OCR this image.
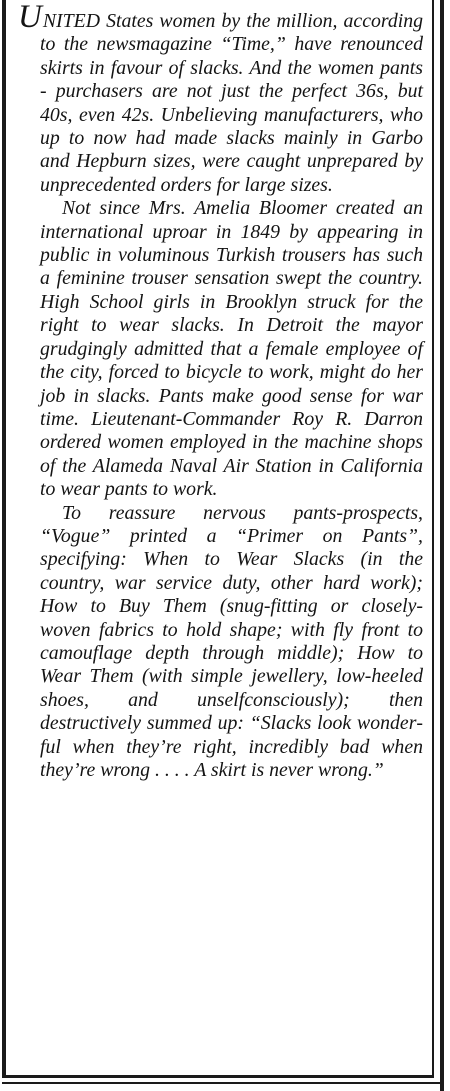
UNITED States women by the million, according to the newsmagazine “Time,” have renounced skirts in favour of slacks. And the women pants - purchasers are not just the perfect 36s, but 40s, even 42s. Unbelieving manufacturers, who up to now had made slacks mainly in Garbo and Hepburn sizes, were caught unprepared by unprecedented orders for large sizes.

Not since Mrs. Amelia Bloomer created an international uproar in 1849 by appearing in public in voluminous Turkish trousers has such a feminine trouser sensation swept the country. High School girls in Brooklyn struck for the right to wear slacks. In Detroit the mayor grudgingly admitted that a female employee of the city, forced to bicycle to work, might do her job in slacks. Pants make good sense for war time. Lieutenant-Commander Roy R. Darron ordered women employed in the machine shops of the Alameda Naval Air Station in California to wear pants to work.

To reassure nervous pants-prospects, “Vogue” printed a “Primer on Pants”, specifying: When to Wear Slacks (in the country, war service duty, other hard work); How to Buy Them (snug-fitting or closely-woven fabrics to hold shape; with fly front to camouflage depth through middle); How to Wear Them (with simple jewellery, low-heeled shoes, and unselfconsciously); then destructively summed up: “Slacks look wonderful when they’re right, incredibly bad when they’re wrong . . . . A skirt is never wrong.”
